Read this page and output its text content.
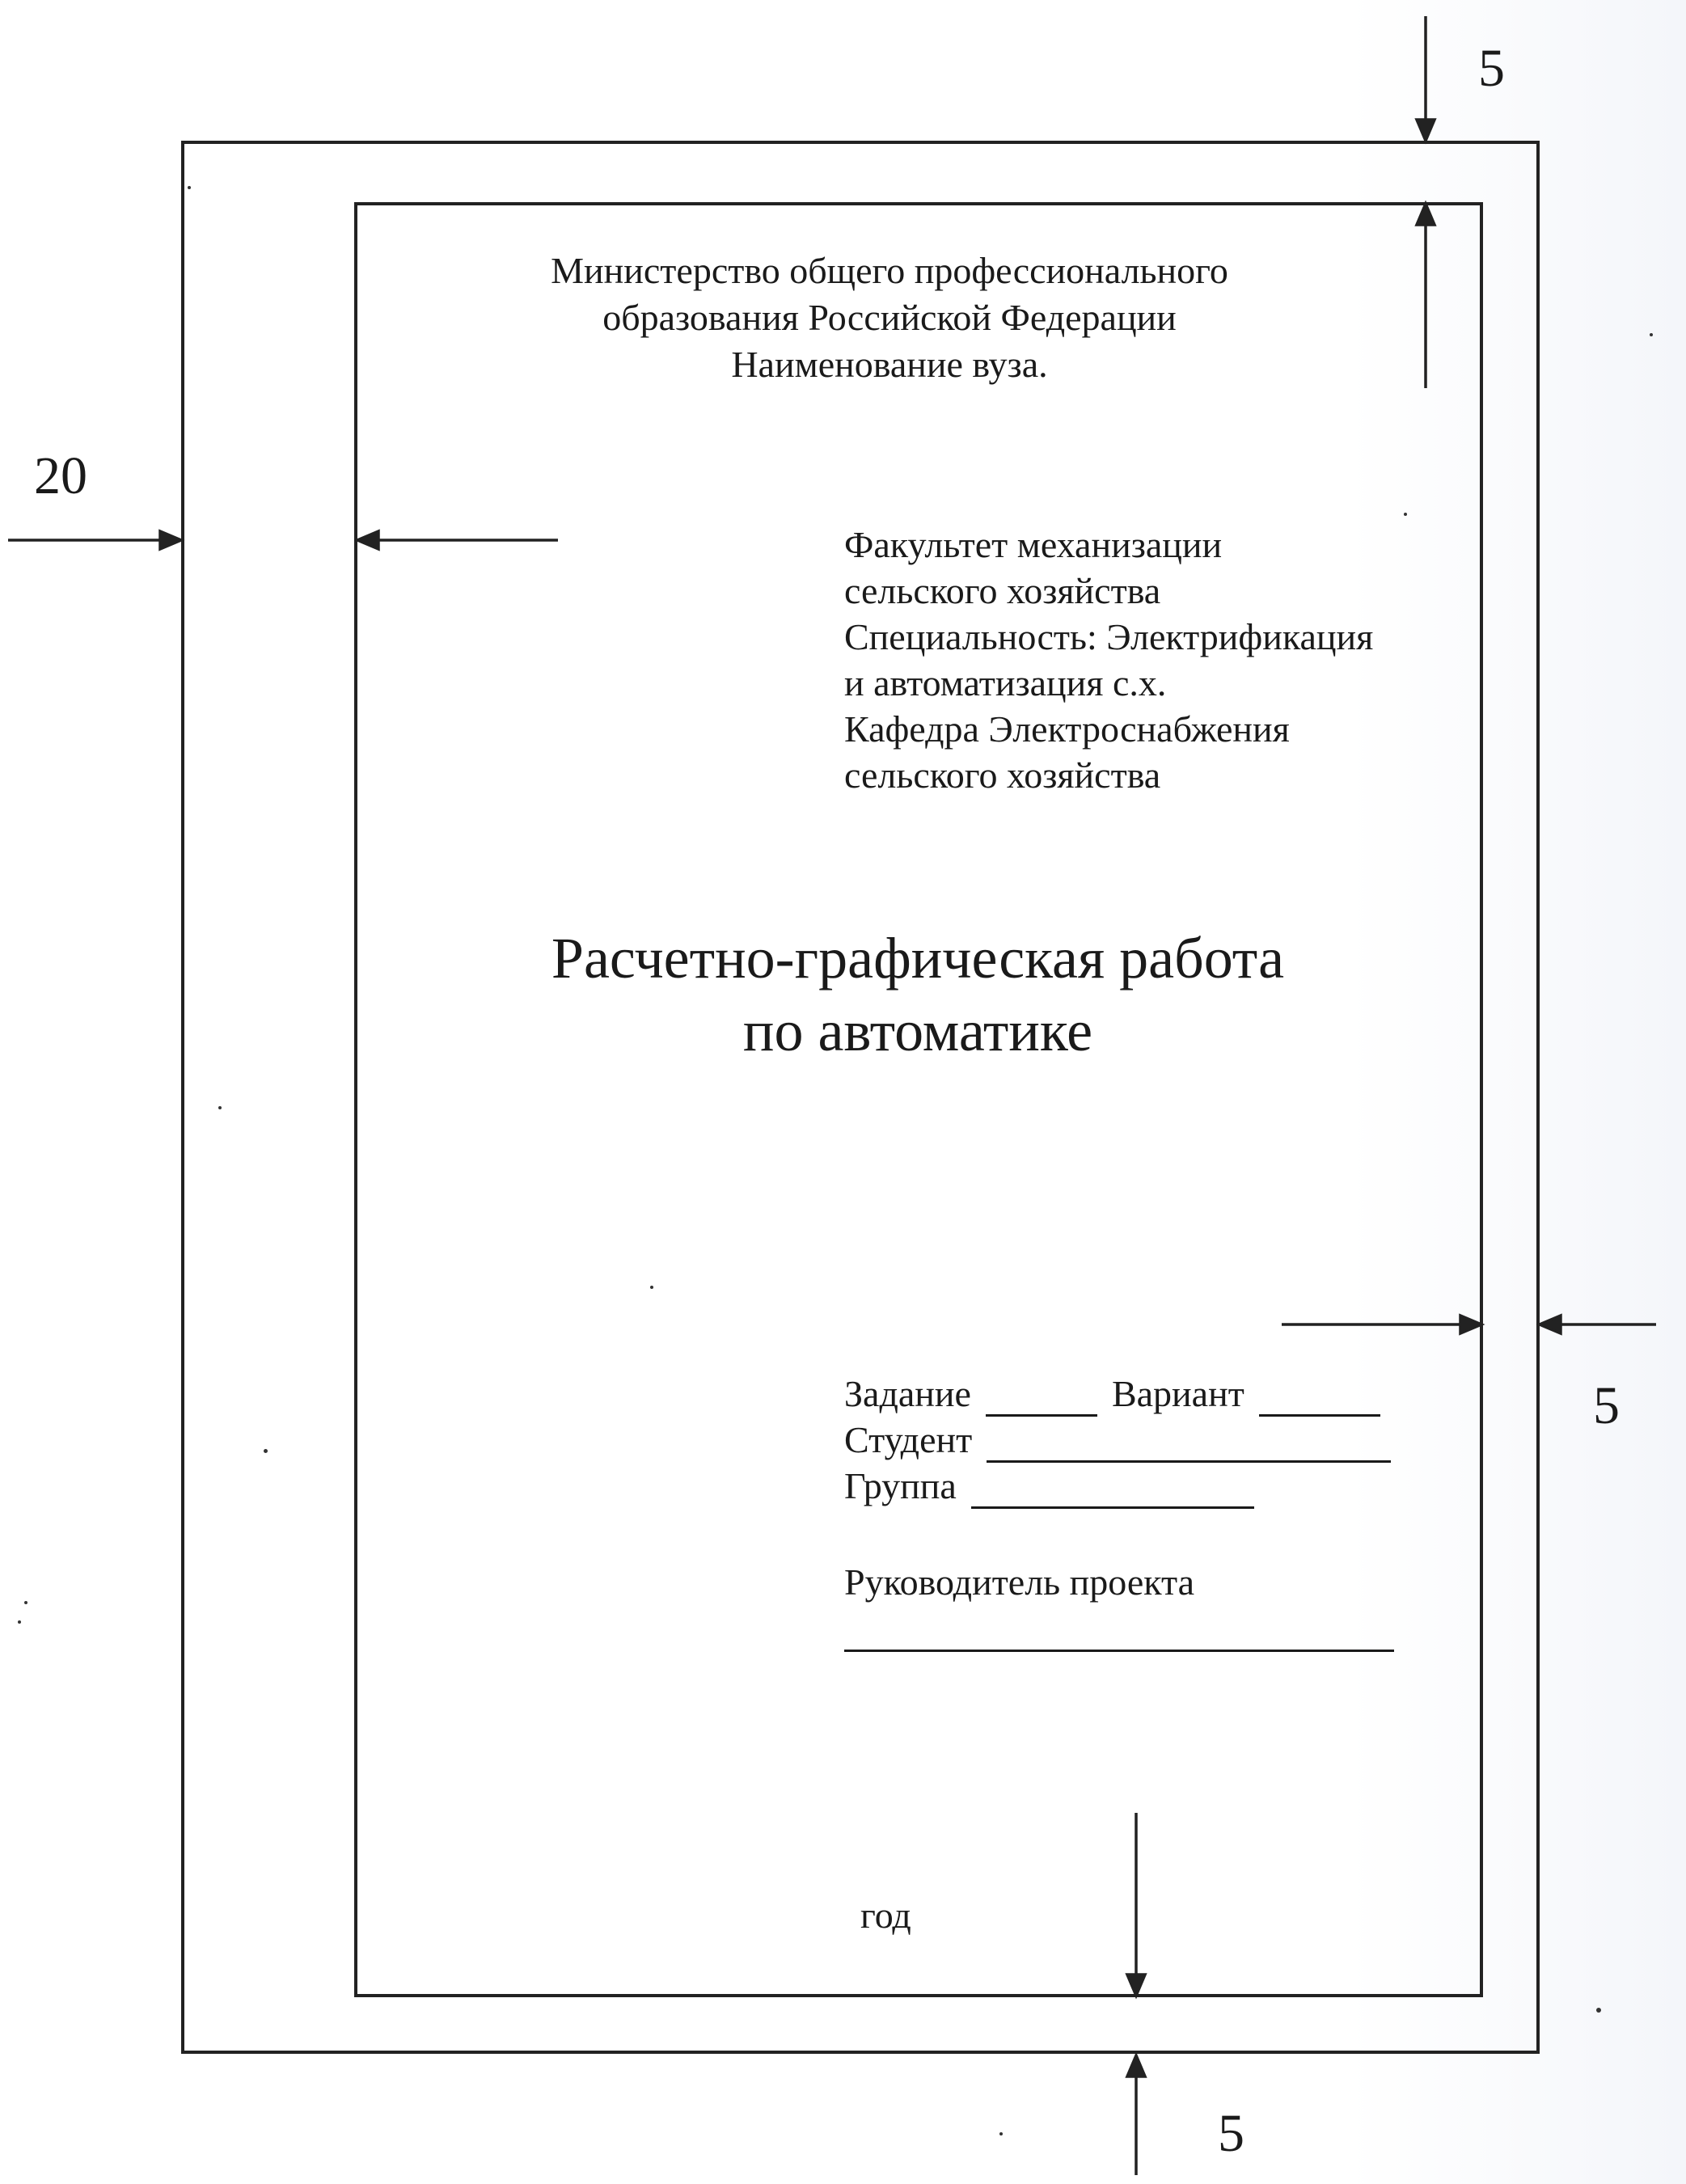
5
20
5
5
Министерство общего профессионального
образования Российской Федерации
Наименование вуза.
Факультет механизации
сельского хозяйства
Специальность: Электрификация
и автоматизация с.х.
Кафедра Электроснабжения
сельского хозяйства
Расчетно-графическая работа
по автоматике
Задание	Вариант
Студент
Группа
Руководитель проекта
год
